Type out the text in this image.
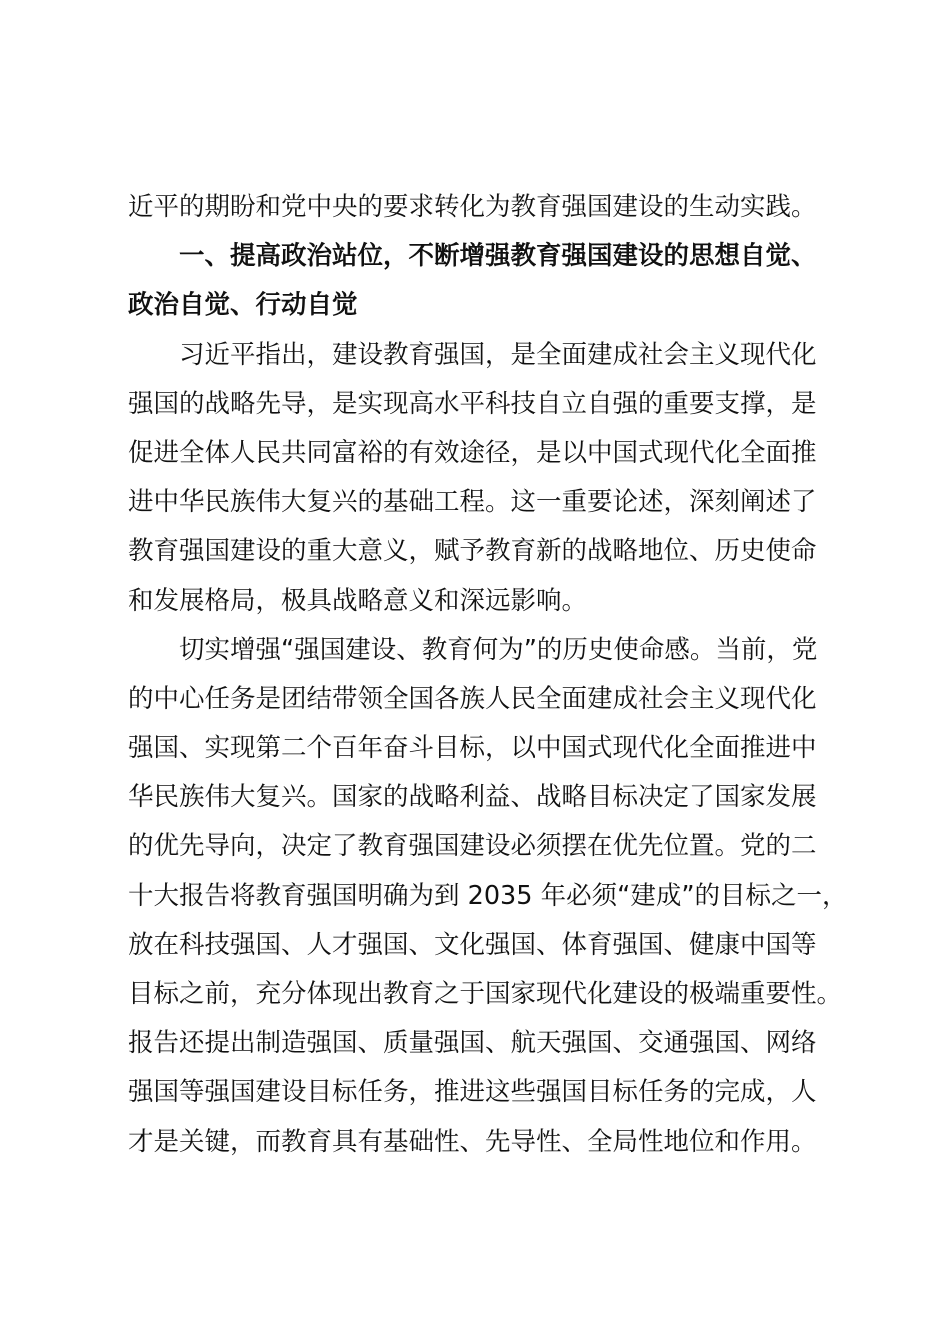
近平的期盼和党中央的要求转化为教育强国建设的生动实践。
一、提高政治站位，不断增强教育强国建设的思想自觉、
政治自觉、行动自觉
习近平指出，建设教育强国，是全面建成社会主义现代化
强国的战略先导，是实现高水平科技自立自强的重要支撑，是
促进全体人民共同富裕的有效途径，是以中国式现代化全面推
进中华民族伟大复兴的基础工程。这一重要论述，深刻阐述了
教育强国建设的重大意义，赋予教育新的战略地位、历史使命
和发展格局，极具战略意义和深远影响。
切实增强“强国建设、教育何为”的历史使命感。当前，党
的中心任务是团结带领全国各族人民全面建成社会主义现代化
强国、实现第二个百年奋斗目标，以中国式现代化全面推进中
华民族伟大复兴。国家的战略利益、战略目标决定了国家发展
的优先导向，决定了教育强国建设必须摆在优先位置。党的二
十大报告将教育强国明确为到 2035 年必须“建成”的目标之一，
放在科技强国、人才强国、文化强国、体育强国、健康中国等
目标之前，充分体现出教育之于国家现代化建设的极端重要性。
报告还提出制造强国、质量强国、航天强国、交通强国、网络
强国等强国建设目标任务，推进这些强国目标任务的完成，人
才是关键，而教育具有基础性、先导性、全局性地位和作用。
